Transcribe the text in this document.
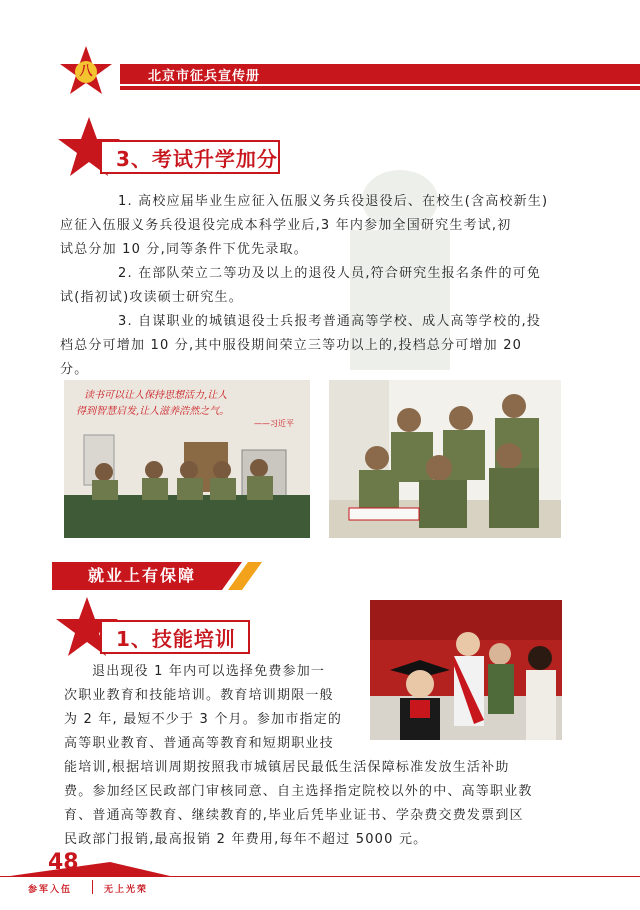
八	北京市征兵宣传册
3、考试升学加分
1. 高校应届毕业生应征入伍服义务兵役退役后、在校生(含高校新生)
应征入伍服义务兵役退役完成本科学业后,3 年内参加全国研究生考试,初
试总分加 10 分,同等条件下优先录取。
2. 在部队荣立二等功及以上的退役人员,符合研究生报名条件的可免
试(指初试)攻读硕士研究生。
3. 自谋职业的城镇退役士兵报考普通高等学校、成人高等学校的,投
档总分可增加 10 分,其中服役期间荣立三等功以上的,投档总分可增加 20
分。
读书可以让人保持思想活力,让人
得到智慧启发,让人滋养浩然之气。
——习近平
就业上有保障
1、技能培训
退出现役 1 年内可以选择免费参加一
次职业教育和技能培训。教育培训期限一般
为 2 年, 最短不少于 3 个月。参加市指定的
高等职业教育、普通高等教育和短期职业技
能培训,根据培训周期按照我市城镇居民最低生活保障标准发放生活补助
费。参加经区民政部门审核同意、自主选择指定院校以外的中、高等职业教
育、普通高等教育、继续教育的,毕业后凭毕业证书、学杂费交费发票到区
民政部门报销,最高报销 2 年费用,每年不超过 5000 元。
48
参军入伍	无上光荣
